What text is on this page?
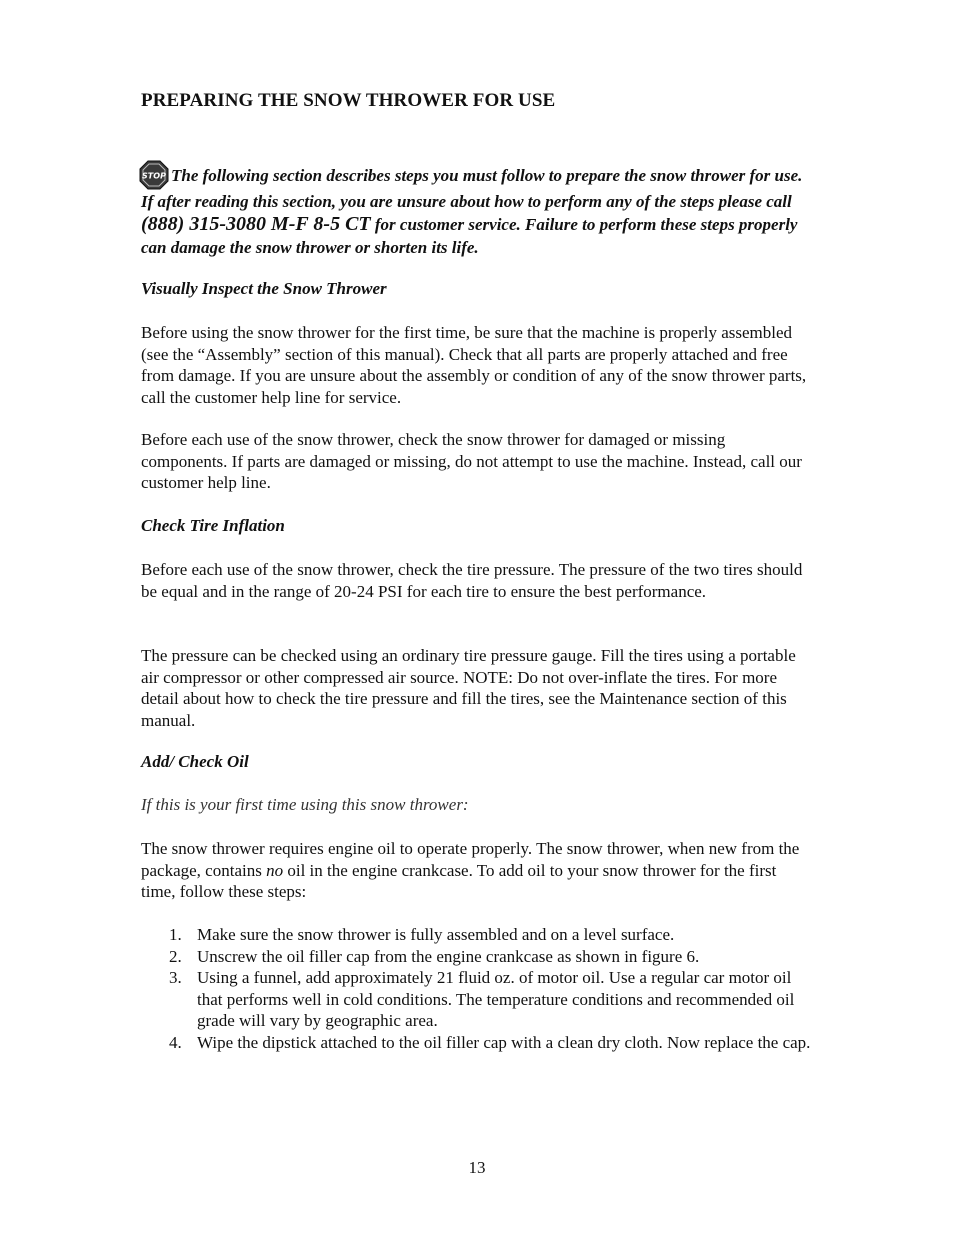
PREPARING THE SNOW THROWER FOR USE
STOP The following section describes steps you must follow to prepare the snow thrower for use. If after reading this section, you are unsure about how to perform any of the steps please call (888) 315-3080 M-F 8-5 CT for customer service. Failure to perform these steps properly can damage the snow thrower or shorten its life.

Visually Inspect the Snow Thrower

Before using the snow thrower for the first time, be sure that the machine is properly assembled (see the “Assembly” section of this manual). Check that all parts are properly attached and free from damage. If you are unsure about the assembly or condition of any of the snow thrower parts, call the customer help line for service.

Before each use of the snow thrower, check the snow thrower for damaged or missing components. If parts are damaged or missing, do not attempt to use the machine. Instead, call our customer help line.

Check Tire Inflation

Before each use of the snow thrower, check the tire pressure. The pressure of the two tires should be equal and in the range of 20-24 PSI for each tire to ensure the best performance.

The pressure can be checked using an ordinary tire pressure gauge. Fill the tires using a portable air compressor or other compressed air source. NOTE: Do not over-inflate the tires. For more detail about how to check the tire pressure and fill the tires, see the Maintenance section of this manual.

Add/ Check Oil

If this is your first time using this snow thrower:

The snow thrower requires engine oil to operate properly. The snow thrower, when new from the package, contains no oil in the engine crankcase. To add oil to your snow thrower for the first time, follow these steps:

1. Make sure the snow thrower is fully assembled and on a level surface.
2. Unscrew the oil filler cap from the engine crankcase as shown in figure 6.
3. Using a funnel, add approximately 21 fluid oz. of motor oil. Use a regular car motor oil that performs well in cold conditions. The temperature conditions and recommended oil grade will vary by geographic area.
4. Wipe the dipstick attached to the oil filler cap with a clean dry cloth. Now replace the cap.
13
